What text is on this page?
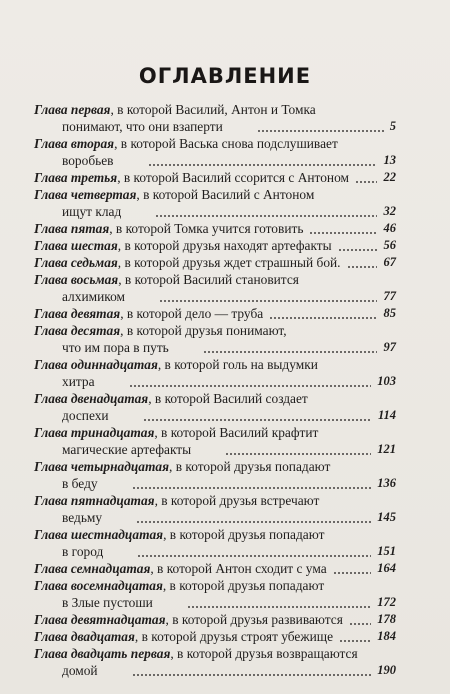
ОГЛАВЛЕНИЕ
Глава первая, в которой Василий, Антон и Томка
понимают, что они взаперти	5
Глава вторая, в которой Васька снова подслушивает
воробьев	13
Глава третья, в которой Василий ссорится с Антоном	22
Глава четвертая, в которой Василий с Антоном
ищут клад	32
Глава пятая, в которой Томка учится готовить	46
Глава шестая, в которой друзья находят артефакты	56
Глава седьмая, в которой друзья ждет страшный бой.	67
Глава восьмая, в которой Василий становится
алхимиком	77
Глава девятая, в которой дело — труба	85
Глава десятая, в которой друзья понимают,
что им пора в путь	97
Глава одиннадцатая, в которой голь на выдумки
хитра	103
Глава двенадцатая, в которой Василий создает
доспехи	114
Глава тринадцатая, в которой Василий крафтит
магические артефакты	121
Глава четырнадцатая, в которой друзья попадают
в беду	136
Глава пятнадцатая, в которой друзья встречают
ведьму	145
Глава шестнадцатая, в которой друзья попадают
в город	151
Глава семнадцатая, в которой Антон сходит с ума	164
Глава восемнадцатая, в которой друзья попадают
в Злые пустоши	172
Глава девятнадцатая, в которой друзья развиваются	178
Глава двадцатая, в которой друзья строят убежище	184
Глава двадцать первая, в которой друзья возвращаются
домой	190
